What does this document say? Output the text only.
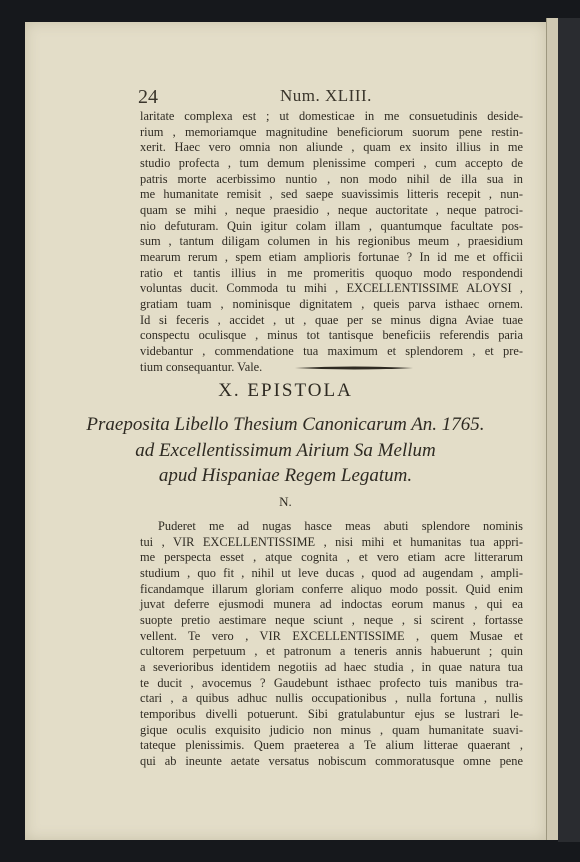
24	Num. XLIII.
laritate complexa est ; ut domesticae in me consuetudinis deside-
rium , memoriamque magnitudine beneficiorum suorum pene restin-
xerit. Haec vero omnia non aliunde , quam ex insito illius in me
studio profecta , tum demum plenissime comperi , cum accepto de
patris morte acerbissimo nuntio , non modo nihil de illa sua in
me humanitate remisit , sed saepe suavissimis litteris recepit , nun-
quam se mihi , neque praesidio , neque auctoritate , neque patroci-
nio defuturam. Quin igitur colam illam , quantumque facultate pos-
sum , tantum diligam columen in his regionibus meum , praesidium
mearum rerum , spem etiam amplioris fortunae ? In id me et officii
ratio et tantis illius in me promeritis quoquo modo respondendi
voluntas ducit. Commoda tu mihi , EXCELLENTISSIME ALOYSI ,
gratiam tuam , nominisque dignitatem , queis parva isthaec ornem.
Id si feceris , accidet , ut , quae per se minus digna Aviae tuae
conspectu oculisque , minus tot tantisque beneficiis referendis paria
videbantur , commendatione tua maximum et splendorem , et pre-
tium consequantur. Vale.
X. EPISTOLA
Praeposita Libello Thesium Canonicarum An. 1765.
ad Excellentissimum Airium Sa Mellum
apud Hispaniae Regem Legatum.
N.
Puderet me ad nugas hasce meas abuti splendore nominis
tui , VIR EXCELLENTISSIME , nisi mihi et humanitas tua appri-
me perspecta esset , atque cognita , et vero etiam acre litterarum
studium , quo fit , nihil ut leve ducas , quod ad augendam , ampli-
ficandamque illarum gloriam conferre aliquo modo possit. Quid enim
juvat deferre ejusmodi munera ad indoctas eorum manus , qui ea
suopte pretio aestimare neque sciunt , neque , si scirent , fortasse
vellent. Te vero , VIR EXCELLENTISSIME , quem Musae et
cultorem perpetuum , et patronum a teneris annis habuerunt ; quin
a severioribus identidem negotiis ad haec studia , in quae natura tua
te ducit , avocemus ? Gaudebunt isthaec profecto tuis manibus tra-
ctari , a quibus adhuc nullis occupationibus , nulla fortuna , nullis
temporibus divelli potuerunt. Sibi gratulabuntur ejus se lustrari le-
gique oculis exquisito judicio non minus , quam humanitate suavi-
tateque plenissimis. Quem praeterea a Te alium litterae quaerant ,
qui ab ineunte aetate versatus nobiscum commoratusque omne pene
